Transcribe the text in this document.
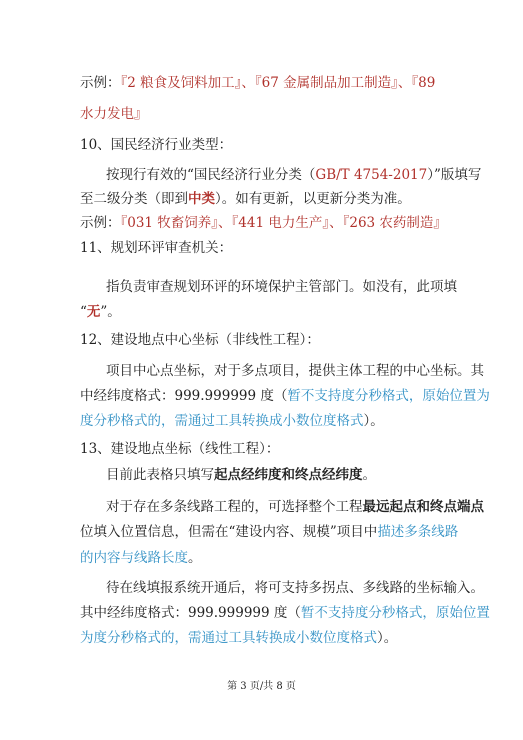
示例：『2 粮食及饲料加工』、『67 金属制品加工制造』、『89
水力发电』
10、国民经济行业类型：
按现行有效的“国民经济行业分类（GB/T 4754-2017）”版填写
至二级分类（即到中类）。如有更新，以更新分类为准。
示例：『031 牧畜饲养』、『441 电力生产』、『263 农药制造』
11、规划环评审查机关：
指负责审查规划环评的环境保护主管部门。如没有，此项填
“无”。
12、建设地点中心坐标（非线性工程）：
项目中心点坐标，对于多点项目，提供主体工程的中心坐标。其
中经纬度格式：999.999999 度（暂不支持度分秒格式，原始位置为
度分秒格式的，需通过工具转换成小数位度格式）。
13、建设地点坐标（线性工程）：
目前此表格只填写起点经纬度和终点经纬度。
对于存在多条线路工程的，可选择整个工程最远起点和终点端点
位填入位置信息，但需在“建设内容、规模”项目中描述多条线路
的内容与线路长度。
待在线填报系统开通后，将可支持多拐点、多线路的坐标输入。
其中经纬度格式：999.999999 度（暂不支持度分秒格式，原始位置
为度分秒格式的，需通过工具转换成小数位度格式）。
第 3 页/共 8 页
